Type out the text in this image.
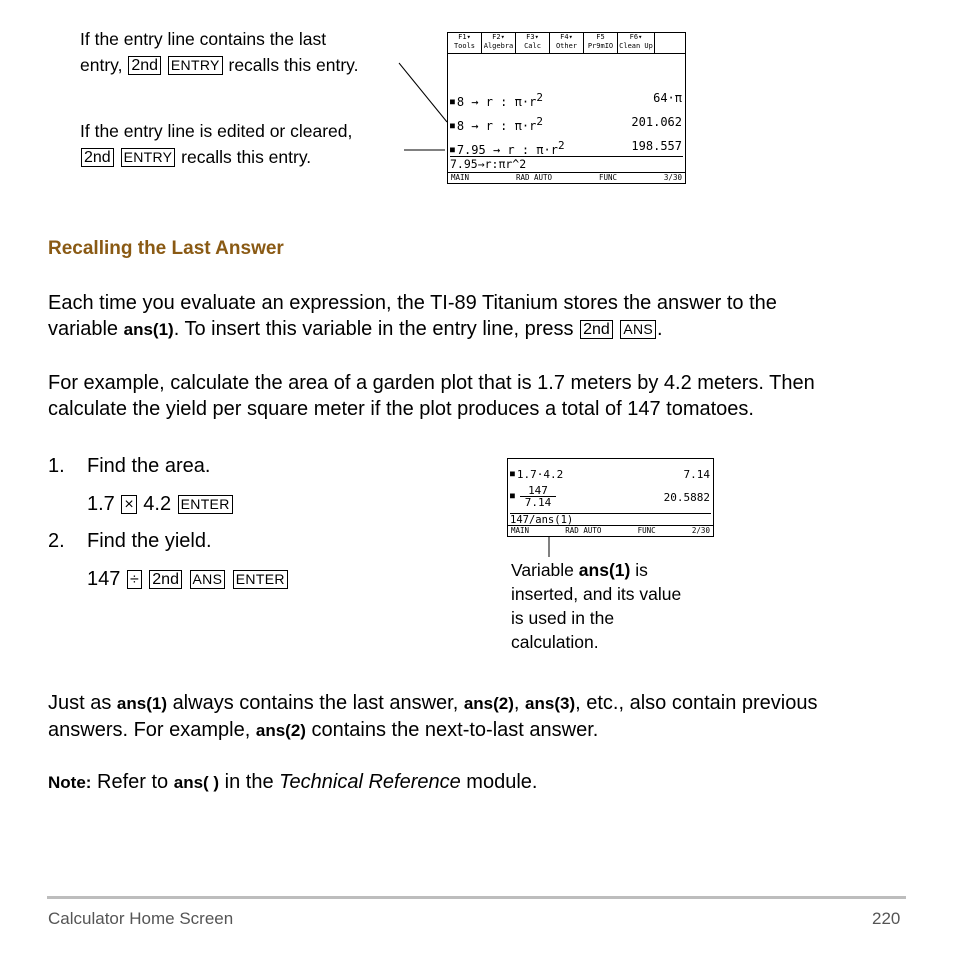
If the entry line contains the last
entry, 2nd ENTRY recalls this entry.
If the entry line is edited or cleared,
2nd ENTRY recalls this entry.
F1▾
Tools
F2▾
Algebra
F3▾
Calc
F4▾
Other
F5
Pr9mIO
F6▾
Clean Up
■ 8 → r : $\pi\cdot r^2$	64·π
■ 8 → r : $\pi\cdot r^2$	201.062
■ 7.95 → r : $\pi\cdot r^2$	198.557
7.95→r:πr^2
MAIN	RAD AUTO	FUNC	3/30
Recalling the Last Answer
Each time you evaluate an expression, the TI-89 Titanium stores the answer to the
variable ans(1). To insert this variable in the entry line, press 2nd ANS .
For example, calculate the area of a garden plot that is 1.7 meters by 4.2 meters. Then
calculate the yield per square meter if the plot produces a total of 147 tomatoes.
1. Find the area.
1.7 × 4.2 ENTER
2. Find the yield.
147 ÷ 2nd ANS ENTER
■ 1.7·4.2	7.14
■ $\frac{147}{7.14}$	20.5882
147/ans(1)
MAIN	RAD AUTO	FUNC	2/30
Variable ans(1) is
inserted, and its value
is used in the
calculation.
Just as ans(1) always contains the last answer, ans(2), ans(3), etc., also contain previous
answers. For example, ans(2) contains the next-to-last answer.
Note: Refer to ans( ) in the Technical Reference module.
Calculator Home Screen	220
